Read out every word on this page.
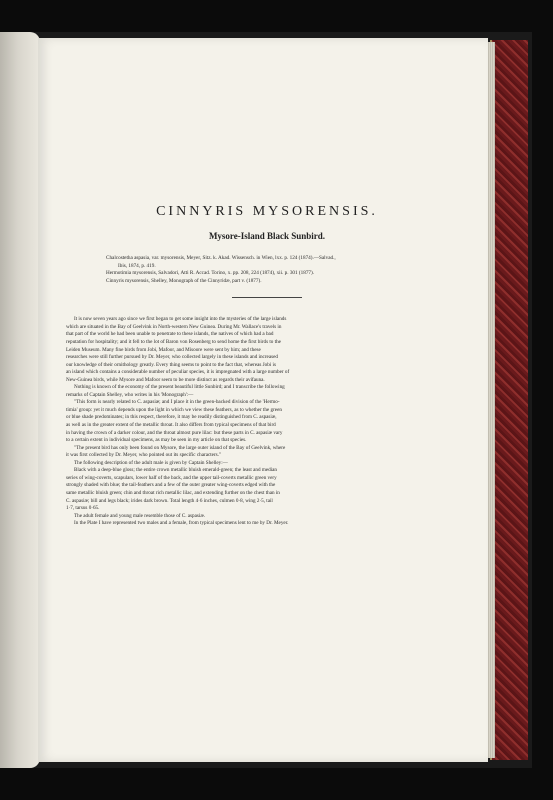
CINNYRIS MYSORENSIS.
Mysore-Island Black Sunbird.
Chalcostetha aspasia, var. mysorensis, Meyer, Sitz. k. Akad. Wissensch. in Wien, lxx. p. 124 (1874).—Salvad.,
Ibis, 1874, p. 419.
Hermotimia mysorensis, Salvadori, Atti R. Accad. Torino, x. pp. 208, 224 (1874), xii. p. 301 (1877).
Cinnyris mysorensis, Shelley, Monograph of the Cinnyridæ, part v. (1877).

It is now seven years ago since we first began to get some insight into the mysteries of the large islands
which are situated in the Bay of Geelvink in North-western New Guinea. During Mr. Wallace's travels in
that part of the world he had been unable to penetrate to these islands, the natives of which had a bad
reputation for hospitality; and it fell to the lot of Baron von Rosenberg to send home the first birds to the
Leiden Museum. Many fine birds from Jobi, Mafoor, and Misoore were sent by him; and these
researches were still further pursued by Dr. Meyer, who collected largely in these islands and increased
our knowledge of their ornithology greatly. Every thing seems to point to the fact that, whereas Jobi is
an island which contains a considerable number of peculiar species, it is impregnated with a large number of
New-Guinea birds, while Mysore and Mafoor seem to be more distinct as regards their avifauna.

Nothing is known of the economy of the present beautiful little Sunbird; and I transcribe the following
remarks of Captain Shelley, who writes in his 'Monograph':—

"This form is nearly related to C. aspasiæ; and I place it in the green-backed division of the 'Hermo-
timia' group: yet it much depends upon the light in which we view these feathers, as to whether the green
or blue shade predominates; in this respect, therefore, it may be readily distinguished from C. aspasiæ,
as well as in the greater extent of the metallic throat. It also differs from typical specimens of that bird
in having the crown of a darker colour, and the throat almost pure lilac: but these parts in C. aspasiæ vary
to a certain extent in individual specimens, as may be seen in my article on that species.

"The present bird has only been found on Mysore, the large outer island of the Bay of Geelvink, where
it was first collected by Dr. Meyer, who pointed out its specific characters."

The following description of the adult male is given by Captain Shelley:—

Black with a deep-blue gloss; the entire crown metallic bluish emerald-green; the least and median
series of wing-coverts, scapulars, lower half of the back, and the upper tail-coverts metallic green very
strongly shaded with blue; the tail-feathers and a few of the outer greater wing-coverts edged with the
same metallic bluish green; chin and throat rich metallic lilac, and extending further on the chest than in
C. aspasiæ; bill and legs black; irides dark brown. Total length 4·6 inches, culmen 0·8, wing 2·5, tail
1·7, tarsus 0·65.

The adult female and young male resemble those of C. aspasiæ.

In the Plate I have represented two males and a female, from typical specimens lent to me by Dr. Meyer.
